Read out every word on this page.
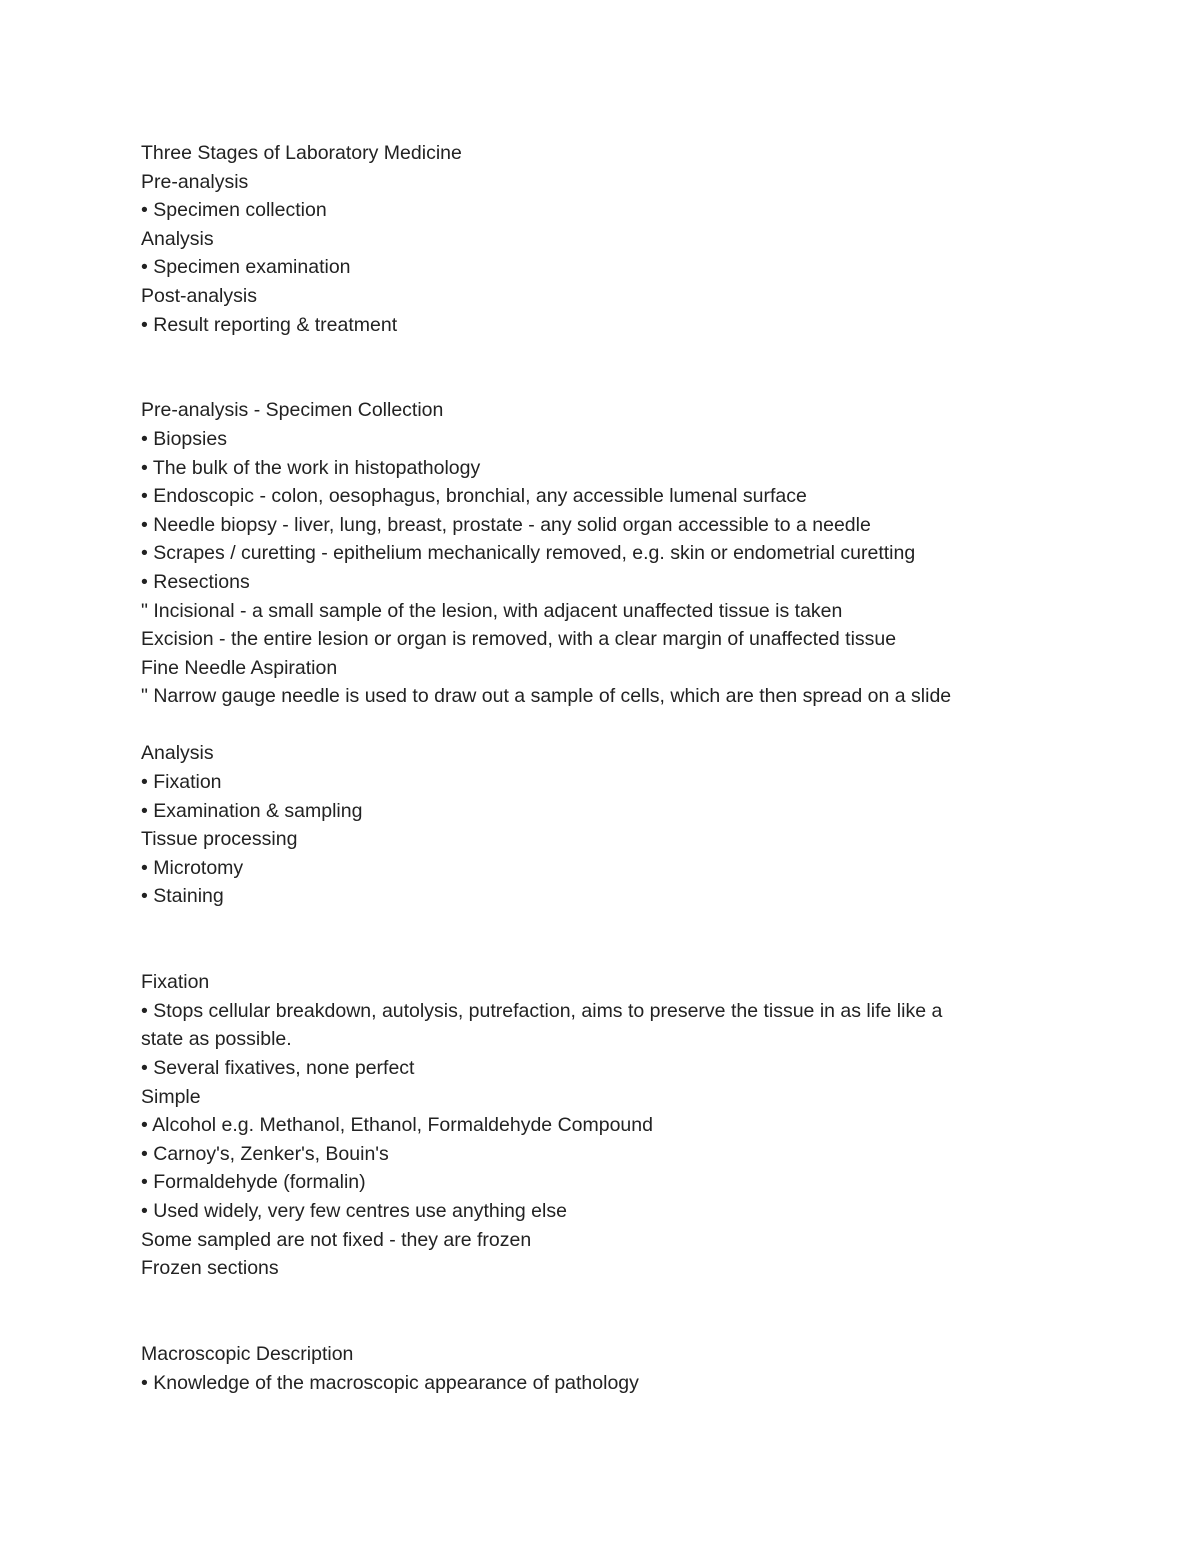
Three Stages of Laboratory Medicine
Pre-analysis
• Specimen collection
Analysis
• Specimen examination
Post-analysis
• Result reporting & treatment
Pre-analysis - Specimen Collection
• Biopsies
• The bulk of the work in histopathology
• Endoscopic - colon, oesophagus, bronchial, any accessible lumenal surface
• Needle biopsy - liver, lung, breast, prostate - any solid organ accessible to a needle
• Scrapes / curetting - epithelium mechanically removed, e.g. skin or endometrial curetting
• Resections
" Incisional - a small sample of the lesion, with adjacent unaffected tissue is taken
Excision - the entire lesion or organ is removed, with a clear margin of unaffected tissue
Fine Needle Aspiration
" Narrow gauge needle is used to draw out a sample of cells, which are then spread on a slide
Analysis
• Fixation
• Examination & sampling
Tissue processing
• Microtomy
• Staining
Fixation
• Stops cellular breakdown, autolysis, putrefaction, aims to preserve the tissue in as life like a
state as possible.
• Several fixatives, none perfect
Simple
• Alcohol e.g. Methanol, Ethanol, Formaldehyde Compound
• Carnoy's, Zenker's, Bouin's
• Formaldehyde (formalin)
• Used widely, very few centres use anything else
Some sampled are not fixed - they are frozen
Frozen sections
Macroscopic Description
• Knowledge of the macroscopic appearance of pathology
